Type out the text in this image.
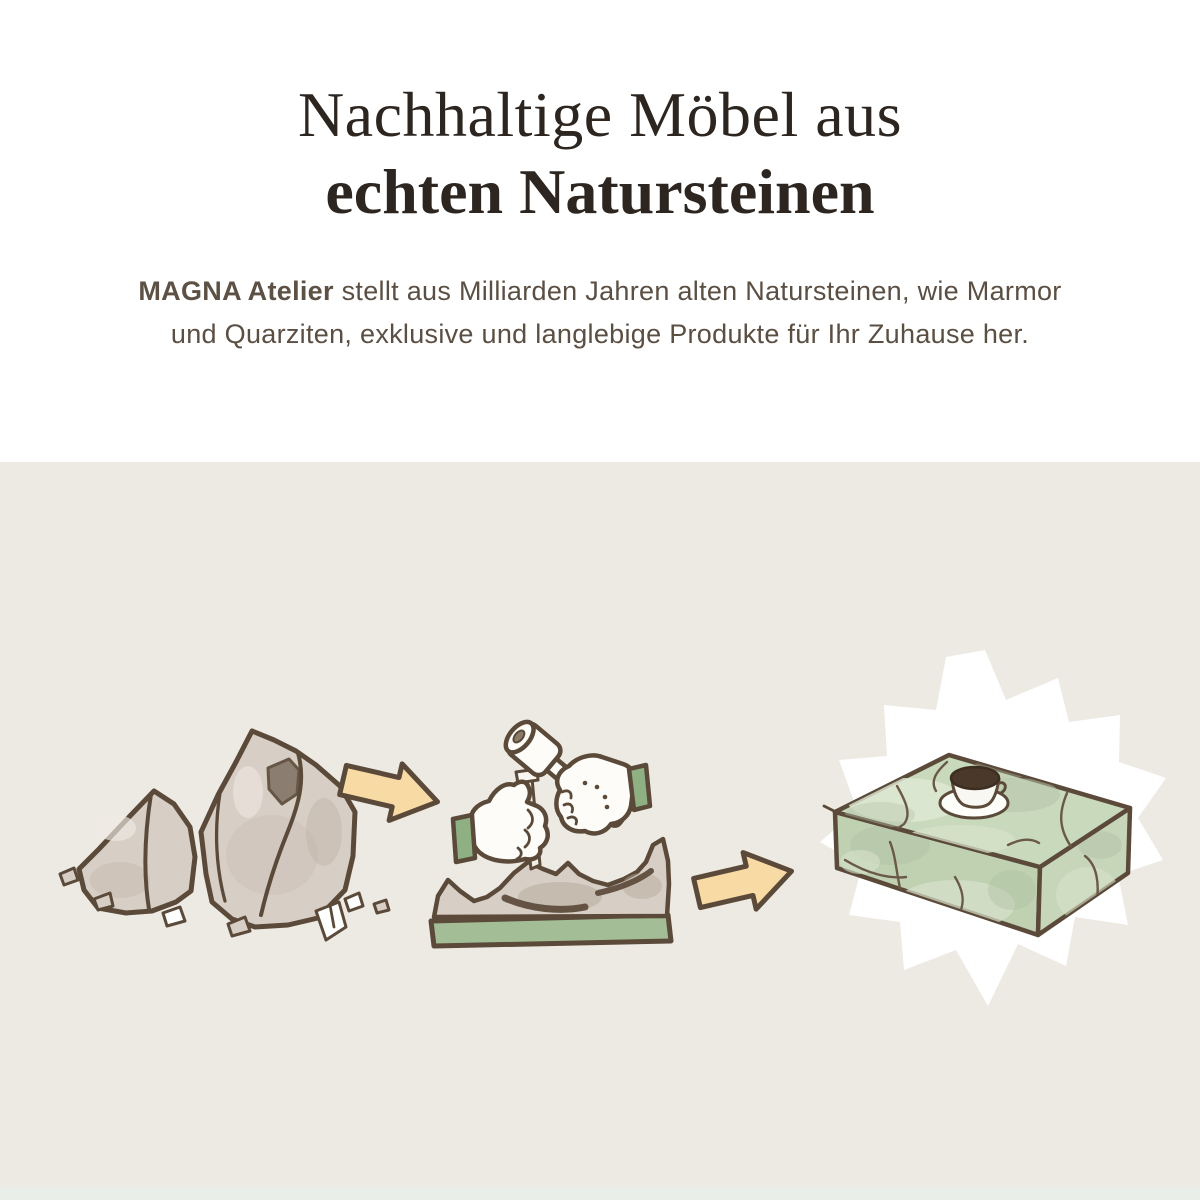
Nachhaltige Möbel aus
echten Natursteinen

MAGNA Atelier stellt aus Milliarden Jahren alten Natursteinen, wie Marmor und Quarziten, exklusive und langlebige Produkte für Ihr Zuhause her.
